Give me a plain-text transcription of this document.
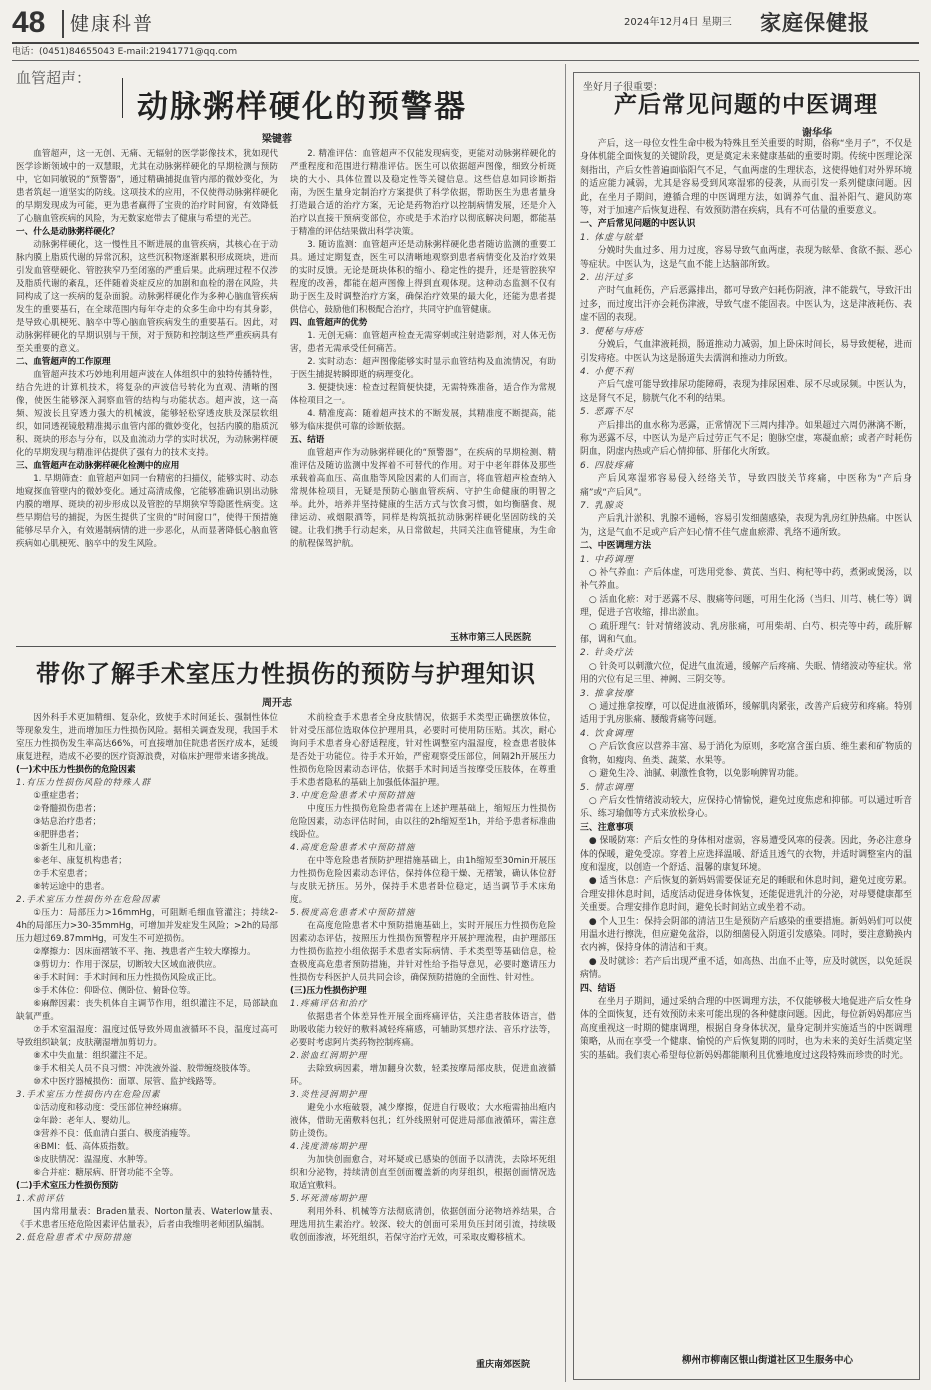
48 健康科普	2024年12月4日 星期三 家庭保健报
电话：(0451)84655043 E-mail:21941771@qq.com
血管超声：
动脉粥样硬化的预警器
梁键蓉

血管超声，这一无创、无痛、无辐射的医学影像技术，犹如现代医学诊断领域中的一双慧眼，尤其在动脉粥样硬化的早期检测与预防中，它如同敏锐的“预警器”，通过精确捕捉血管内部的微妙变化，为患者筑起一道坚实的防线。这项技术的应用，不仅使得动脉粥样硬化的早期发现成为可能，更为患者赢得了宝贵的治疗时间窗，有效降低了心脑血管疾病的风险，为无数家庭带去了健康与希望的光芒。

一、什么是动脉粥样硬化？

动脉粥样硬化，这一慢性且不断进展的血管疾病，其核心在于动脉内膜上脂质代谢的异常沉积，这些沉积物逐渐累积形成斑块，进而引发血管壁硬化、管腔狭窄乃至闭塞的严重后果。此病理过程不仅涉及脂质代谢的紊乱，还伴随着炎症反应的加剧和血栓的潜在风险，共同构成了这一疾病的复杂面貌。动脉粥样硬化作为多种心脑血管疾病发生的重要基石，在全球范围内每年夺走的众多生命中均有其身影，是导致心肌梗死、脑卒中等心脑血管疾病发生的重要基石。因此，对动脉粥样硬化的早期识别与干预，对于预防和控制这些严重疾病具有至关重要的意义。

二、血管超声的工作原理

血管超声技术巧妙地利用超声波在人体组织中的独特传播特性，结合先进的计算机技术，将复杂的声波信号转化为直观、清晰的图像，使医生能够深入洞察血管的结构与功能状态。超声波，这一高频、短波长且穿透力强大的机械波，能够轻松穿透皮肤及深层软组织，如同透视镜般精准揭示血管内部的微妙变化，包括内膜的脂质沉积、斑块的形态与分布，以及血流动力学的实时状况，为动脉粥样硬化的早期发现与精准评估提供了强有力的技术支持。

三、血管超声在动脉粥样硬化检测中的应用

1. 早期筛查：血管超声如同一台精密的扫描仪，能够实时、动态地窥探血管壁内的微妙变化。通过高清成像，它能够准确识别出动脉内膜的增厚、斑块的初步形成以及管腔的早期狭窄等隐匿性病变。这些早期信号的捕捉，为医生提供了宝贵的“时间窗口”，使得干预措施能够尽早介入，有效遏制病情的进一步恶化，从而显著降低心脑血管疾病如心肌梗死、脑卒中的发生风险。

2. 精准评估：血管超声不仅能发现病变，更能对动脉粥样硬化的严重程度和范围进行精准评估。医生可以依据超声图像，细致分析斑块的大小、具体位置以及稳定性等关键信息。这些信息如同诊断指南，为医生量身定制治疗方案提供了科学依据，帮助医生为患者量身打造最合适的治疗方案，无论是药物治疗以控制病情发展，还是介入治疗以直接干预病变部位，亦或是手术治疗以彻底解决问题，都能基于精准的评估结果做出科学决策。

3. 随访监测：血管超声还是动脉粥样硬化患者随访监测的重要工具。通过定期复查，医生可以清晰地观察到患者病情变化及治疗效果的实时反馈。无论是斑块体积的缩小、稳定性的提升，还是管腔狭窄程度的改善，都能在超声图像上得到直观体现。这种动态监测不仅有助于医生及时调整治疗方案，确保治疗效果的最大化，还能为患者提供信心，鼓励他们积极配合治疗，共同守护血管健康。

四、血管超声的优势

1. 无创无痛：血管超声检查无需穿刺或注射造影剂，对人体无伤害，患者无需承受任何痛苦。

2. 实时动态：超声图像能够实时显示血管结构及血流情况，有助于医生捕捉转瞬即逝的病理变化。

3. 便捷快速：检查过程简便快捷，无需特殊准备，适合作为常规体检项目之一。

4. 精准度高：随着超声技术的不断发展，其精准度不断提高，能够为临床提供可靠的诊断依据。

五、结语

血管超声作为动脉粥样硬化的“预警器”，在疾病的早期检测、精准评估及随访监测中发挥着不可替代的作用。对于中老年群体及那些承载着高血压、高血脂等风险因素的人们而言，将血管超声检查纳入常规体检项目，无疑是预防心脑血管疾病、守护生命健康的明智之举。此外，培养并坚持健康的生活方式与饮食习惯，如均衡膳食、规律运动、戒烟限酒等，同样是构筑抵抗动脉粥样硬化坚固防线的关键。让我们携手行动起来，从日常做起，共同关注血管健康，为生命的航程保驾护航。

玉林市第三人民医院
带你了解手术室压力性损伤的预防与护理知识
周开志

因外科手术更加精细、复杂化，致使手术时间延长、强制性体位等现象发生，进而增加压力性损伤风险。据相关调查发现，我国手术室压力性损伤发生率高达66%，可直接增加住院患者医疗成本，延缓康复进程，造成不必要的医疗资源浪费，对临床护理带来诸多挑战。

(一)术中压力性损伤的危险因素

1.有压力性损伤风险的特殊人群

①重症患者；

②脊髓损伤患者；

③姑息治疗患者；

④肥胖患者；

⑤新生儿和儿童；

⑥老年、康复机构患者；

⑦手术室患者；

⑧转运途中的患者。

2.手术室压力性损伤外在危险因素

①压力：局部压力>16mmHg，可阻断毛细血管灌注；持续2-4h的局部压力>30-35mmHg，可增加并发症发生风险；>2h的局部压力超过69.87mmHg，可发生不可逆损伤。

②摩擦力：因床面褶皱不平、拖、拽患者产生较大摩擦力。

③剪切力：作用于深层，切断较大区域血液供应。

④手术时间：手术时间和压力性损伤风险成正比。

⑤手术体位：仰卧位、侧卧位、俯卧位等。

⑥麻醉因素：丧失机体自主调节作用，组织灌注不足，局部缺血缺氧严重。

⑦手术室温湿度：温度过低导致外周血液循环不良，温度过高可导致组织缺氧；皮肤潮湿增加剪切力。

⑧术中失血量：组织灌注不足。

⑨手术相关人员不良习惯：冲洗液外溢、胶带缠绕肢体等。

⑩术中医疗器械损伤：面罩、尿管、监护线路等。

3.手术室压力性损伤内在危险因素

①活动度和移动度：受压部位神经麻痹。

②年龄：老年人、婴幼儿。

③营养不良：低血清白蛋白、极度消瘦等。

④BMI：低、高体质指数。

⑤皮肤情况：温湿度、水肿等。

⑥合并症：糖尿病、肝肾功能不全等。

(二)手术室压力性损伤预防

1.术前评估

国内常用量表：Braden量表、Norton量表、Waterlow量表、《手术患者压疮危险因素评估量表》，后者由我维明老师团队编制。

2.低危险患者术中预防措施

术前检查手术患者全身皮肤情况，依据手术类型正确摆放体位，针对受压部位选取体位护理用具，必要时可使用防压贴。其次，耐心询问手术患者身心舒适程度，针对性调整室内温湿度，检查患者肢体是否处于功能位。待手术开始，严密观察受压部位，间隔2h开展压力性损伤危险因素动态评估，依据手术时间适当按摩受压肢体，在尊重手术患者隐私的基础上加强低体温护理。

3.中度危险患者术中预防措施

中度压力性损伤危险患者需在上述护理基础上，缩短压力性损伤危险因素，动态评估时间，由以往的2h缩短至1h，并给予患者标准曲线卧位。

4.高度危险患者术中预防措施

在中等危险患者预防护理措施基础上，由1h缩短至30min开展压力性损伤危险因素动态评估，保持体位稳干燥、无褶皱，确认体位舒与皮肤无挤压。另外，保持手术患者卧位稳定，适当调节手术床角度。

5.极度高危患者术中预防措施

在高度危险患者术中预防措施基础上，实时开展压力性损伤危险因素动态评估，按照压力性损伤预警程序开展护理流程，由护理部压力性损伤监控小组依据手术患者实际病情、手术类型等基础信息，检查极度高危患者预防措施，并针对性给予指导意见，必要时邀请压力性损伤专科医护人员共同会诊，确保预防措施的全面性、针对性。

(三)压力性损伤护理

1.疼痛评估和治疗

依据患者个体差异性开展全面疼痛评估，关注患者肢体语言，借助吸收能力较好的敷料减轻疼痛感，可辅助冥想疗法、音乐疗法等，必要时考虑阿片类药物控制疼痛。

2.淤血红润期护理

去除致病因素，增加翻身次数，轻柔按摩局部皮肤，促进血液循环。

3.炎性浸润期护理

避免小水疱破裂，减少摩擦，促进自行吸收；大水疱需抽出疱内液体，借助无菌敷料包扎；红外线照射可促进局部血液循环，需注意防止烫伤。

4.浅度溃疡期护理

为加快创面愈合，对坏疑或已感染的创面予以清洗，去除坏死组织和分泌物，持续清创直至创面覆盖新的肉芽组织，根据创面情况选取适宜敷料。

5.坏死溃疡期护理

利用外科、机械等方法彻底清创，依据创面分泌物培养结果，合理选用抗生素治疗。较深、较大的创面可采用负压封闭引流，持续吸收创面渗液，坏死组织，若保守治疗无效，可采取皮瓣移植术。

重庆南郊医院
坐好月子很重要：
产后常见问题的中医调理
谢华华

产后，这一母位女性生命中极为特殊且至关重要的时期，俗称“坐月子”，不仅是身体机能全面恢复的关键阶段，更是奠定未来健康基础的重要时期。传统中医理论深刻指出，产后女性普遍面临阳气不足，气血两虚的生理状态，这使得她们对外界环境的适应能力减弱，尤其是容易受到风寒湿邪的侵袭，从而引发一系列健康问题。因此，在坐月子期间，遵循合理的中医调理方法，如调养气血、温补阳气、避风防寒等，对于加速产后恢复进程、有效预防潜在疾病，具有不可估量的重要意义。

一、产后常见问题的中医认识

1. 体虚与眩晕

分娩时失血过多、用力过度，容易导致气血两虚，表现为眩晕、食欲不振、恶心等症状。中医认为，这是气血不能上达脑部所致。

2. 出汗过多

产时气血耗伤，产后恶露排出，都可导致产妇耗伤阴液，津不能载气，导致汗出过多，而过度出汗亦会耗伤津液，导致气虚不能固表。中医认为，这是津液耗伤、表虚不固的表现。

3. 便秘与痔疮

分娩后，气血津液耗损，肠道推动力减弱，加上卧床时间长，易导致便秘，进而引发痔疮。中医认为这是肠道失去濡润和推动力所致。

4. 小便不利

产后气虚可能导致排尿功能障碍，表现为排尿困难、尿不尽或尿频。中医认为，这是肾气不足，膀胱气化不利的结果。

5. 恶露不尽

产后排出的血水称为恶露，正常情况下三周内排净。如果超过六周仍淋漓不断，称为恶露不尽，中医认为是产后过劳正气不足；胞脉空虚，寒凝血瘀；或者产时耗伤阴血，阴虚内热或产后心情抑郁、肝郁化火所致。

6. 四肢疼痛

产后风寒湿邪容易侵入经络关节，导致四肢关节疼痛，中医称为“产后身痛”或“产后风”。

7. 乳腺炎

产后乳汁淤积、乳腺不通畅，容易引发细菌感染，表现为乳房红肿热痛。中医认为，这是气血不足或产后产妇心情不佳气虚血瘀滞、乳络不通所致。

二、中医调理方法

1. 中药调理

○ 补气养血：产后体虚，可选用党参、黄芪、当归、枸杞等中药，煮粥或煲汤，以补气养血。

○ 活血化瘀：对于恶露不尽、腹痛等问题，可用生化汤（当归、川芎、桃仁等）调理，促进子宫收缩，排出淤血。

○ 疏肝理气：针对情绪波动、乳房胀痛，可用柴胡、白芍、枳壳等中药，疏肝解郁，调和气血。

2. 针灸疗法

○ 针灸可以刺激穴位，促进气血流通，缓解产后疼痛、失眠、情绪波动等症状。常用的穴位有足三里、神阙、三阴交等。

3. 推拿按摩

○ 通过推拿按摩，可以促进血液循环，缓解肌肉紧张，改善产后疲劳和疼痛。特别适用于乳房胀痛、腰酸背痛等问题。

4. 饮食调理

○ 产后饮食应以营养丰富、易于消化为原则，多吃富含蛋白质、维生素和矿物质的食物，如瘦肉、鱼类、蔬菜、水果等。

○ 避免生冷、油腻、刺激性食物，以免影响脾胃功能。

5. 情志调理

○ 产后女性情绪波动较大，应保持心情愉悦，避免过度焦虑和抑郁。可以通过听音乐、练习瑜伽等方式来放松身心。

三、注意事项

● 保暖防寒：产后女性的身体相对虚弱，容易遭受风寒的侵袭。因此，务必注意身体的保暖，避免受凉。穿着上应选择温暖、舒适且透气的衣物，并适时调整室内的温度和湿度，以创造一个舒适、温馨的康复环境。

● 适当休息：产后恢复的新妈妈需要保证充足的睡眠和休息时间，避免过度劳累。合理安排休息时间，适度活动促进身体恢复，还能促进乳汁的分泌，对母婴健康都至关重要。合理安排作息时间，避免长时间站立或坐着不动。

● 个人卫生：保持会阴部的清洁卫生是预防产后感染的重要措施。新妈妈们可以使用温水进行擦洗，但应避免盆浴，以防细菌侵入阴道引发感染。同时，要注意勤换内衣内裤，保持身体的清洁和干爽。

● 及时就诊：若产后出现严重不适，如高热、出血不止等，应及时就医，以免延误病情。

四、结语

在坐月子期间，通过采纳合理的中医调理方法，不仅能够极大地促进产后女性身体的全面恢复，还有效预防未来可能出现的各种健康问题。因此，每位新妈妈都应当高度重视这一时期的健康调理，根据自身身体状况，量身定制并实施适当的中医调理策略，从而在享受一个健康、愉悦的产后恢复期的同时，也为未来的美好生活奠定坚实的基础。我们衷心希望每位新妈妈都能顺利且优雅地度过这段特殊而珍贵的时光。

柳州市柳南区银山街道社区卫生服务中心
